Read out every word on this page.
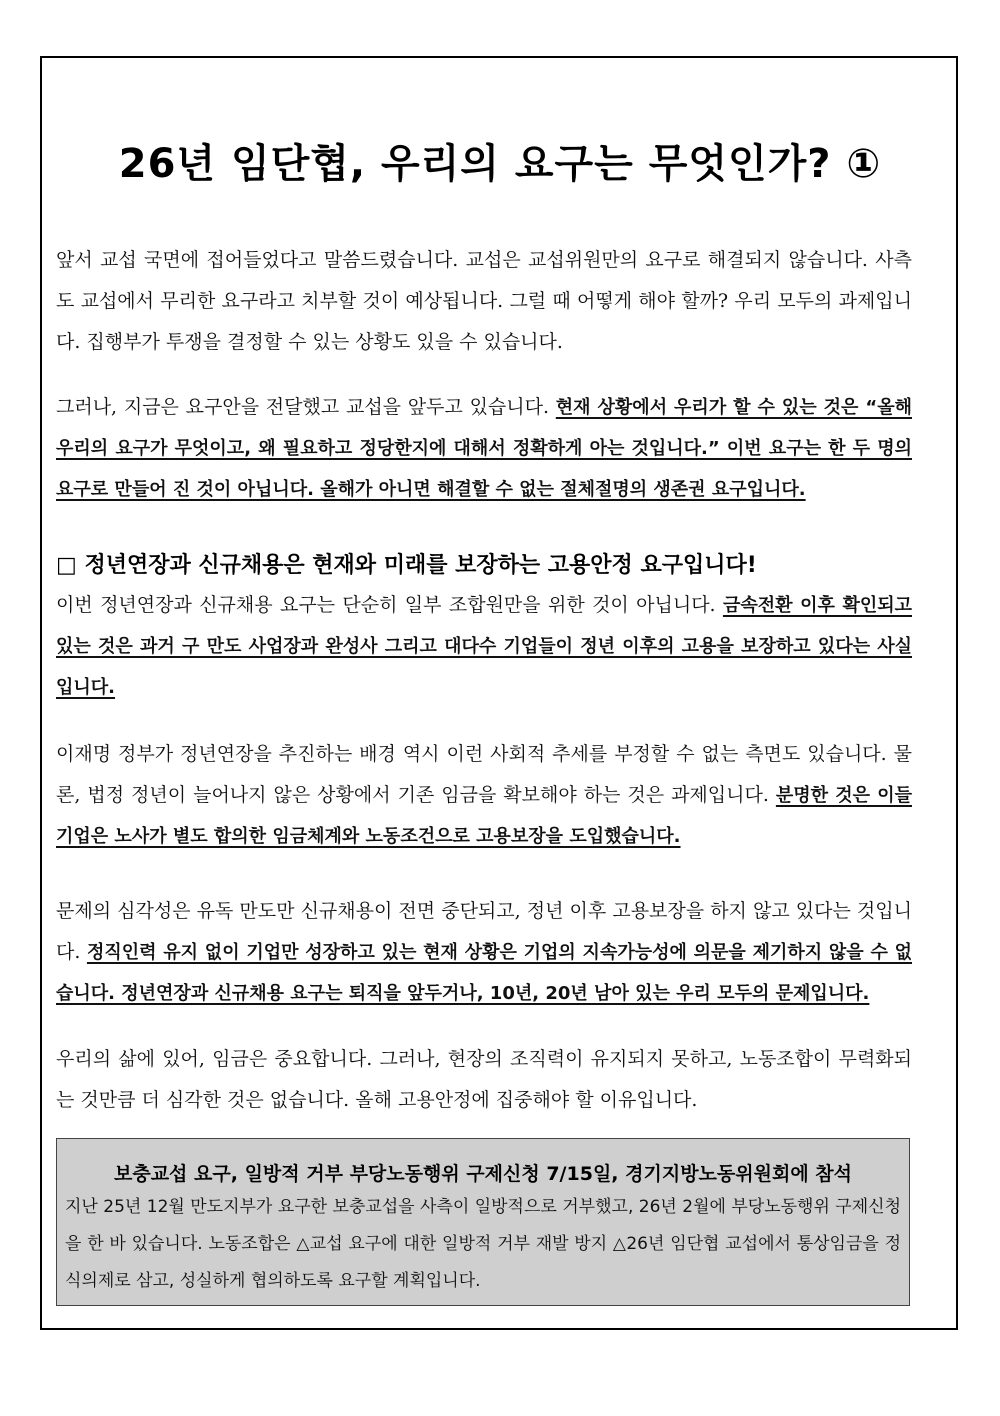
26년 임단협, 우리의 요구는 무엇인가? ①

앞서 교섭 국면에 접어들었다고 말씀드렸습니다. 교섭은 교섭위원만의 요구로 해결되지 않습니다. 사측도 교섭에서 무리한 요구라고 치부할 것이 예상됩니다. 그럴 때 어떻게 해야 할까? 우리 모두의 과제입니다. 집행부가 투쟁을 결정할 수 있는 상황도 있을 수 있습니다.

그러나, 지금은 요구안을 전달했고 교섭을 앞두고 있습니다. 현재 상황에서 우리가 할 수 있는 것은 “올해 우리의 요구가 무엇이고, 왜 필요하고 정당한지에 대해서 정확하게 아는 것입니다.” 이번 요구는 한 두 명의 요구로 만들어 진 것이 아닙니다. 올해가 아니면 해결할 수 없는 절체절명의 생존권 요구입니다.

□ 정년연장과 신규채용은 현재와 미래를 보장하는 고용안정 요구입니다!

이번 정년연장과 신규채용 요구는 단순히 일부 조합원만을 위한 것이 아닙니다. 금속전환 이후 확인되고 있는 것은 과거 구 만도 사업장과 완성사 그리고 대다수 기업들이 정년 이후의 고용을 보장하고 있다는 사실입니다.

이재명 정부가 정년연장을 추진하는 배경 역시 이런 사회적 추세를 부정할 수 없는 측면도 있습니다. 물론, 법정 정년이 늘어나지 않은 상황에서 기존 임금을 확보해야 하는 것은 과제입니다. 분명한 것은 이들 기업은 노사가 별도 합의한 임금체계와 노동조건으로 고용보장을 도입했습니다.

문제의 심각성은 유독 만도만 신규채용이 전면 중단되고, 정년 이후 고용보장을 하지 않고 있다는 것입니다. 정직인력 유지 없이 기업만 성장하고 있는 현재 상황은 기업의 지속가능성에 의문을 제기하지 않을 수 없습니다. 정년연장과 신규채용 요구는 퇴직을 앞두거나, 10년, 20년 남아 있는 우리 모두의 문제입니다.

우리의 삶에 있어, 임금은 중요합니다. 그러나, 현장의 조직력이 유지되지 못하고, 노동조합이 무력화되는 것만큼 더 심각한 것은 없습니다. 올해 고용안정에 집중해야 할 이유입니다.

보충교섭 요구, 일방적 거부 부당노동행위 구제신청 7/15일, 경기지방노동위원회에 참석

지난 25년 12월 만도지부가 요구한 보충교섭을 사측이 일방적으로 거부했고, 26년 2월에 부당노동행위 구제신청을 한 바 있습니다. 노동조합은 △교섭 요구에 대한 일방적 거부 재발 방지 △26년 임단협 교섭에서 통상임금을 정식의제로 삼고, 성실하게 협의하도록 요구할 계획입니다.
